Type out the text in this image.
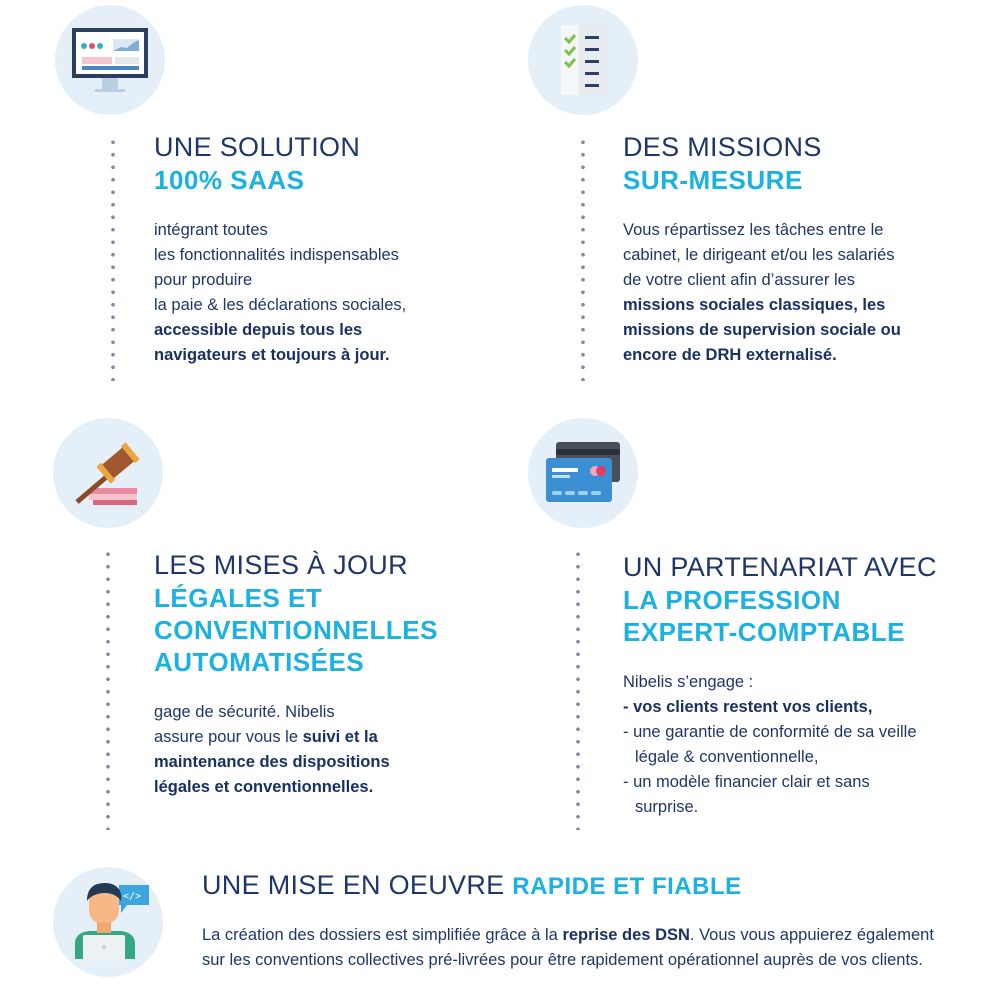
UNE SOLUTION
100% SAAS
intégrant toutes
les fonctionnalités indispensables
pour produire
la paie & les déclarations sociales,
accessible depuis tous les
navigateurs et toujours à jour.
DES MISSIONS
SUR-MESURE
Vous répartissez les tâches entre le
cabinet, le dirigeant et/ou les salariés
de votre client afin d’assurer les
missions sociales classiques, les
missions de supervision sociale ou
encore de DRH externalisé.
LES MISES À JOUR
LÉGALES ET
CONVENTIONNELLES
AUTOMATISÉES
gage de sécurité. Nibelis
assure pour vous le suivi et la
maintenance des dispositions
légales et conventionnelles.
UN PARTENARIAT AVEC
LA PROFESSION
EXPERT-COMPTABLE
Nibelis s’engage :
- vos clients restent vos clients,
- une garantie de conformité de sa veille légale & conventionnelle,
- un modèle financier clair et sans surprise.
</> UNE MISE EN OEUVRE RAPIDE ET FIABLE
La création des dossiers est simplifiée grâce à la reprise des DSN. Vous vous appuierez également sur les conventions collectives pré-livrées pour être rapidement opérationnel auprès de vos clients.
